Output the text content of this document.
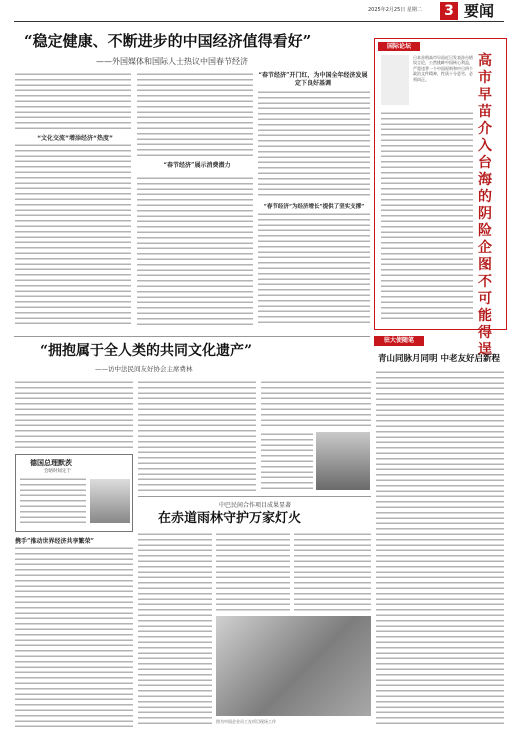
2025年2月25日 星期二 3 要闻
“稳定健康、不断进步的中国经济值得看好”
——外国媒体和国际人士热议中国春节经济
“文化交流”增添经济“热度”
“春节经济”展示消费潜力
“春节经济”开门红，为中国全年经济发展定下良好基调
“春节经济”为经济增长“提供了坚实支撑”
国际论坛
高市早苗介入台海的阴险企图不可能得逞
日本首相高市早苗近日发表涉台错误言论，公然挑衅中国核心利益，严重违背一个中国原则和中日四个政治文件精神，性质十分恶劣，必须纠正。
“拥抱属于全人类的共同文化遗产”
——访中法民间友好协会主席费林
德国总理默茨
会晤时间定于
携手”推动世界经济共享繁荣”
驻大使随笔
青山同脉月同明 中老友好启新程
中巴民间合作项目成果显著
在赤道雨林守护万家灯火
图为中国企业员工在项目现场工作
